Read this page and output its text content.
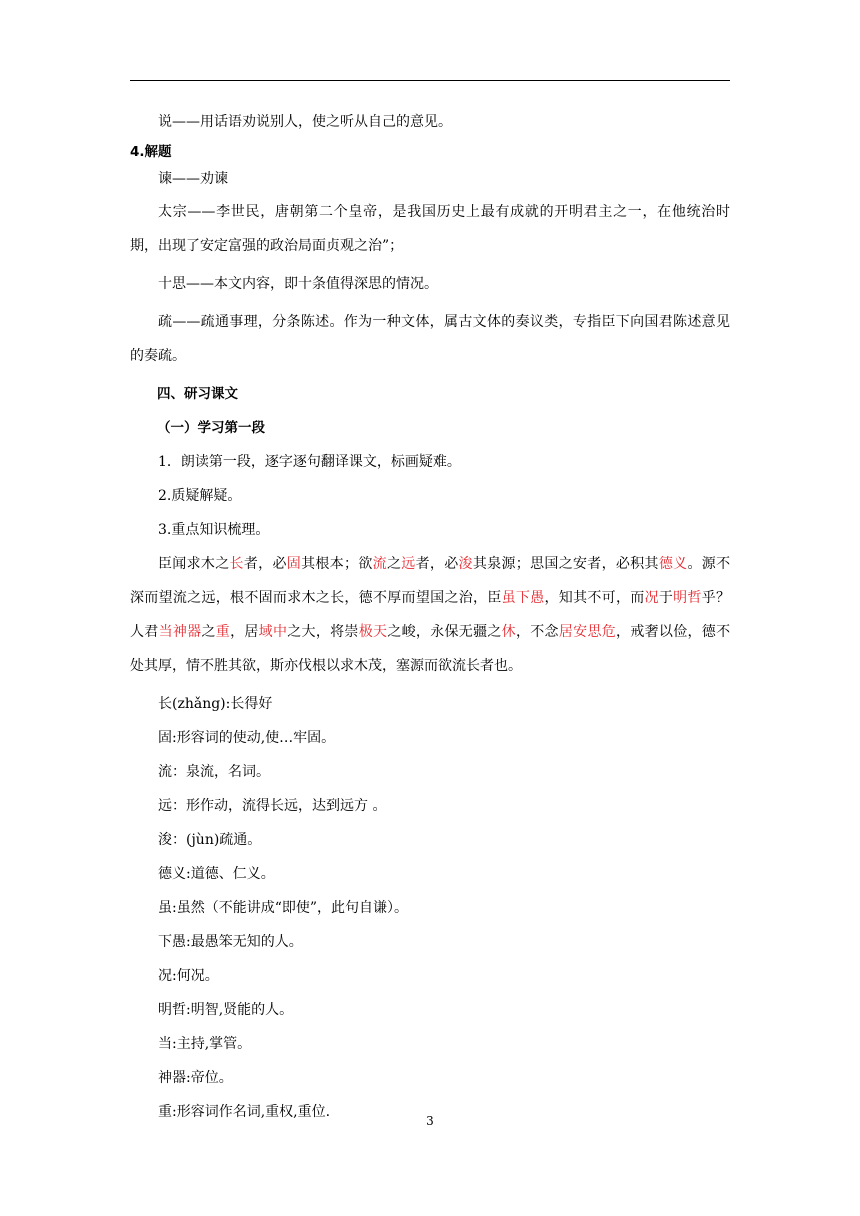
说——用话语劝说别人，使之听从自己的意见。

4.解题

谏——劝谏

太宗——李世民，唐朝第二个皇帝，是我国历史上最有成就的开明君主之一，在他统治时期，出现了安定富强的政治局面贞观之治”；

十思——本文内容，即十条值得深思的情况。

疏——疏通事理，分条陈述。作为一种文体，属古文体的奏议类，专指臣下向国君陈述意见的奏疏。

四、研习课文

（一）学习第一段

1．朗读第一段，逐字逐句翻译课文，标画疑难。

2.质疑解疑。

3.重点知识梳理。

臣闻求木之长者，必固其根本；欲流之远者，必浚其泉源；思国之安者，必积其德义。源不深而望流之远，根不固而求木之长，德不厚而望国之治，臣虽下愚，知其不可，而况于明哲乎？人君当神器之重，居域中之大，将崇极天之峻，永保无疆之休，不念居安思危，戒奢以俭，德不处其厚，情不胜其欲，斯亦伐根以求木茂，塞源而欲流长者也。

长(zhǎng):长得好

固:形容词的使动,使…牢固。

流：泉流，名词。

远：形作动，流得长远，达到远方 。

浚：(jùn)疏通。

德义:道德、仁义。

虽:虽然（不能讲成“即使”，此句自谦）。

下愚:最愚笨无知的人。

况:何况。

明哲:明智,贤能的人。

当:主持,掌管。

神器:帝位。

重:形容词作名词,重权,重位.

3
